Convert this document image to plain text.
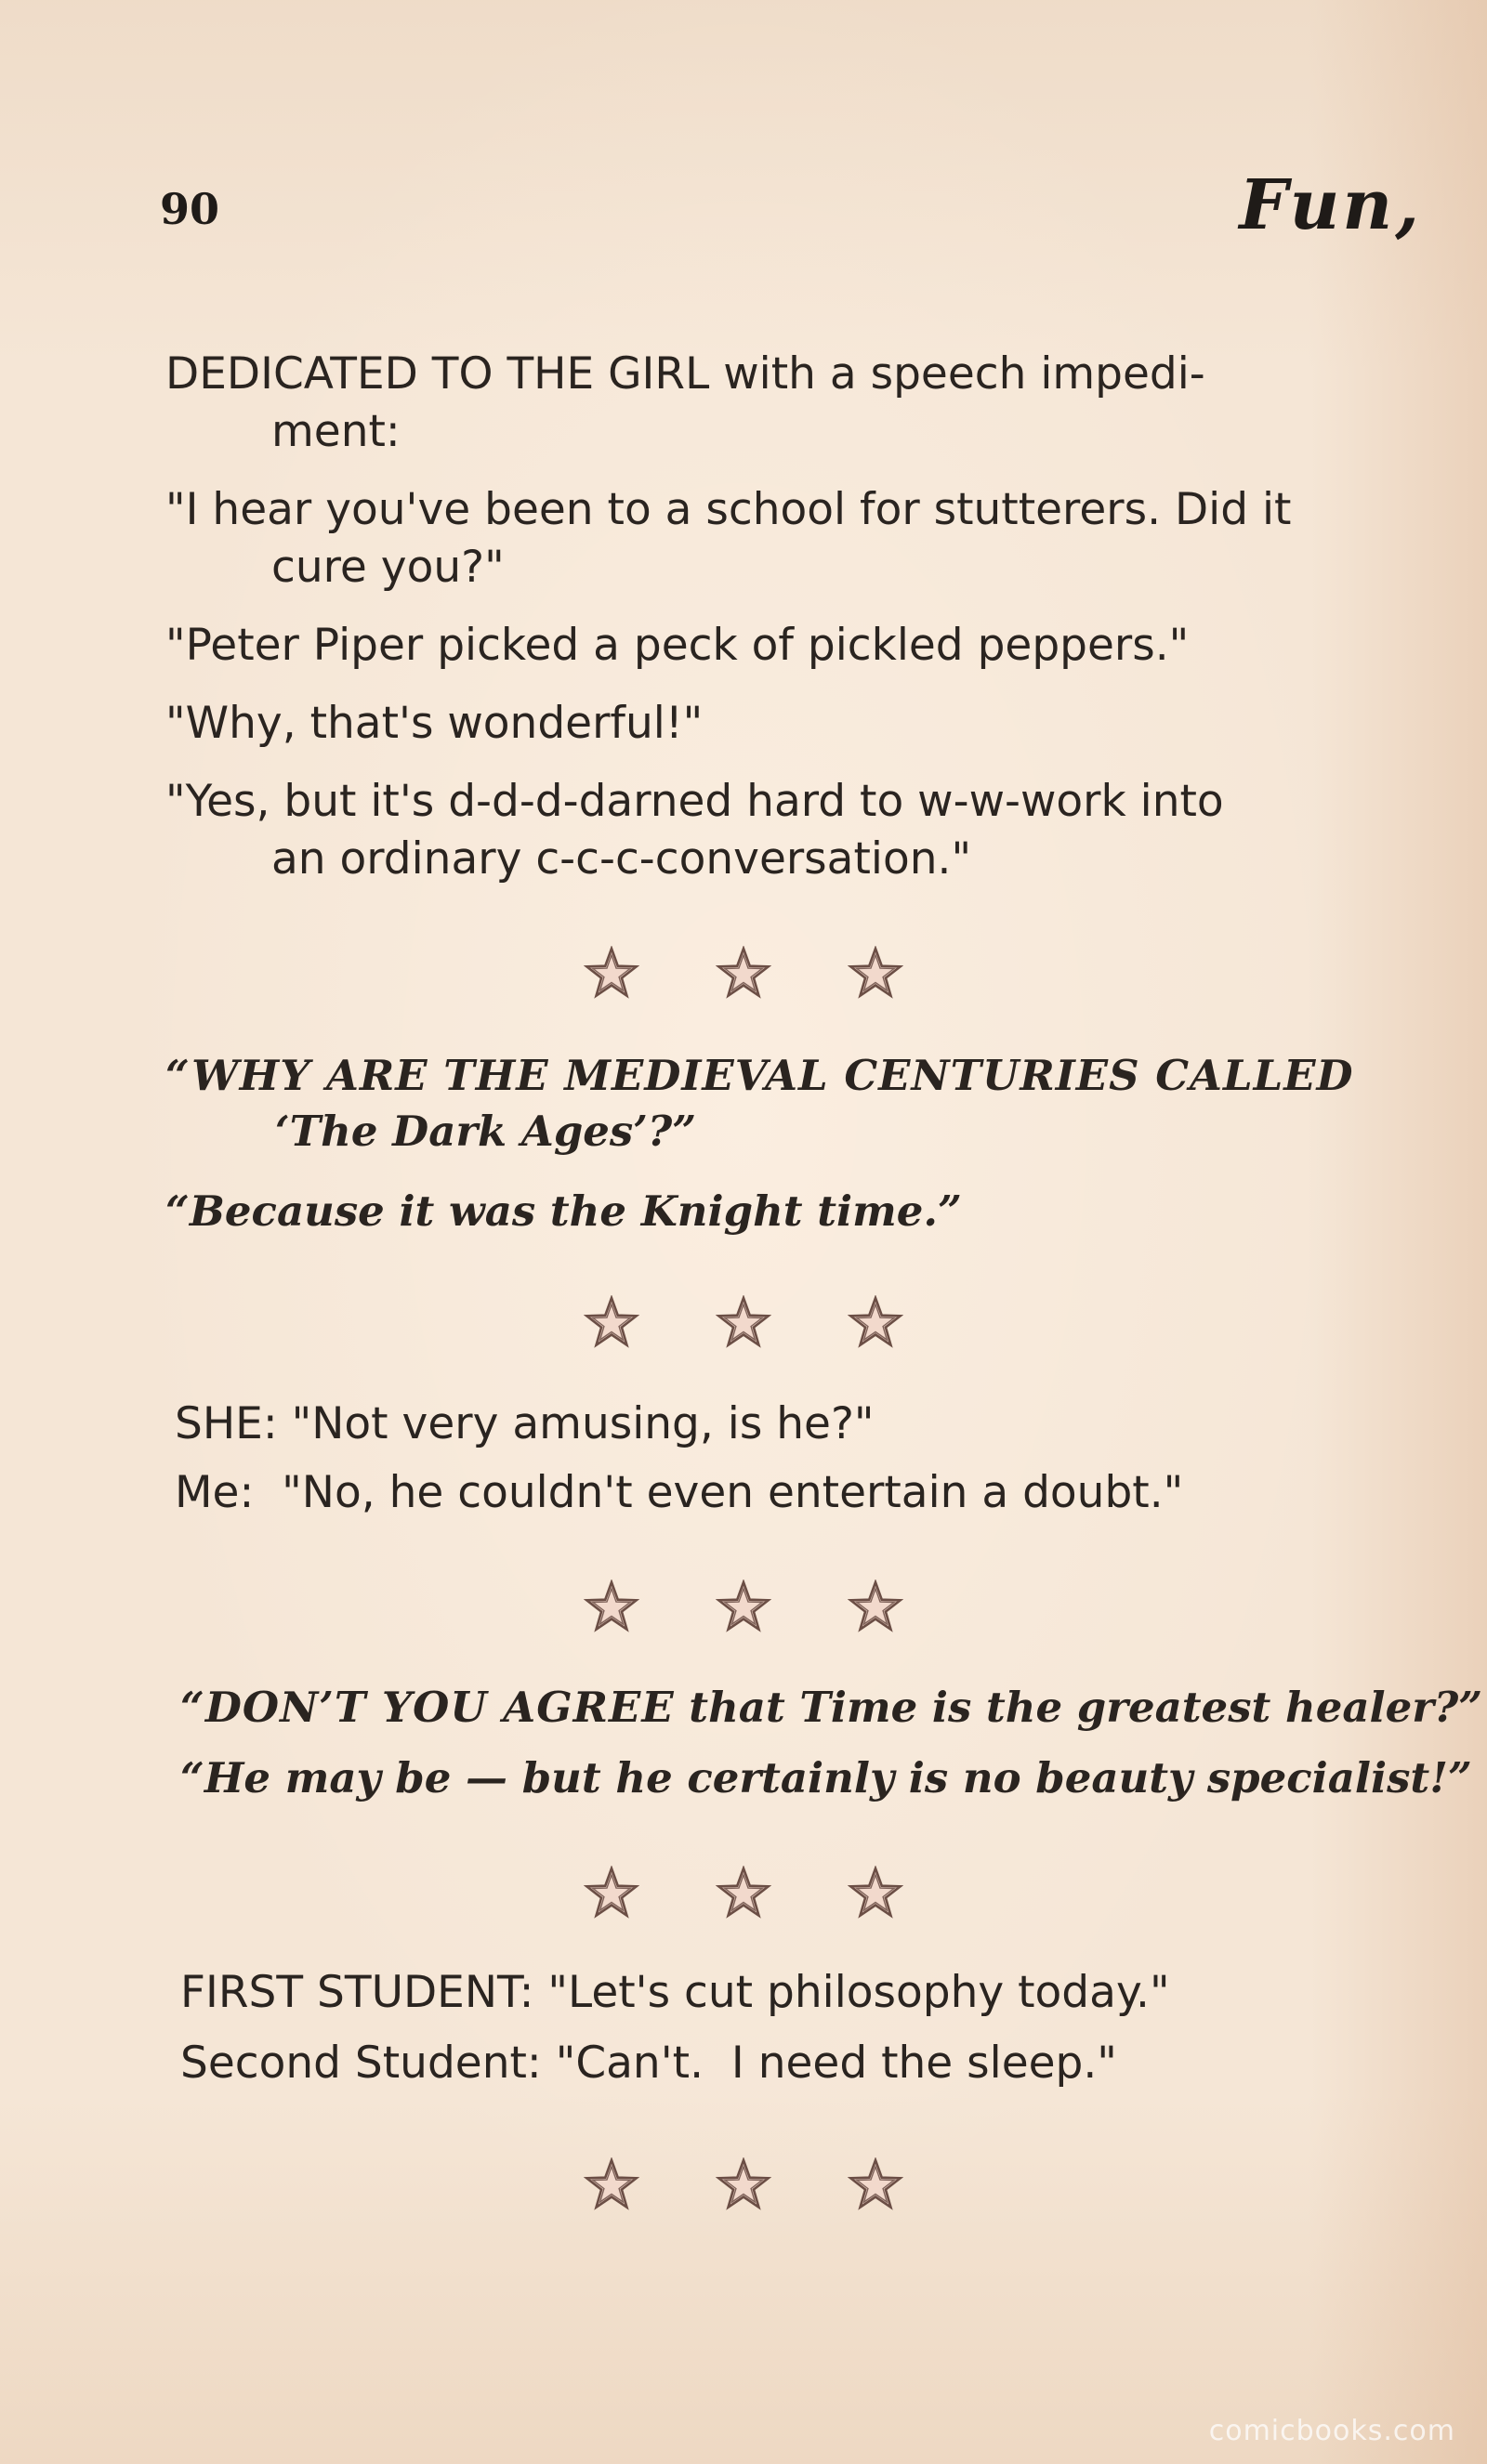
90	Fun,

DEDICATED TO THE GIRL with a speech impedi-

ment:

"I hear you've been to a school for stutterers. Did it

cure you?"

"Peter Piper picked a peck of pickled peppers."

"Why, that's wonderful!"

"Yes, but it's d-d-d-darned hard to w-w-work into

an ordinary c-c-c-conversation."

“WHY ARE THE MEDIEVAL CENTURIES CALLED

‘The Dark Ages’?”

“Because it was the Knight time.”

SHE: "Not very amusing, is he?"

Me:  "No, he couldn't even entertain a doubt."

“DON’T YOU AGREE that Time is the greatest healer?”

“He may be — but he certainly is no beauty specialist!”

FIRST STUDENT: "Let's cut philosophy today."

Second Student: "Can't.  I need the sleep."

comicbooks.com
